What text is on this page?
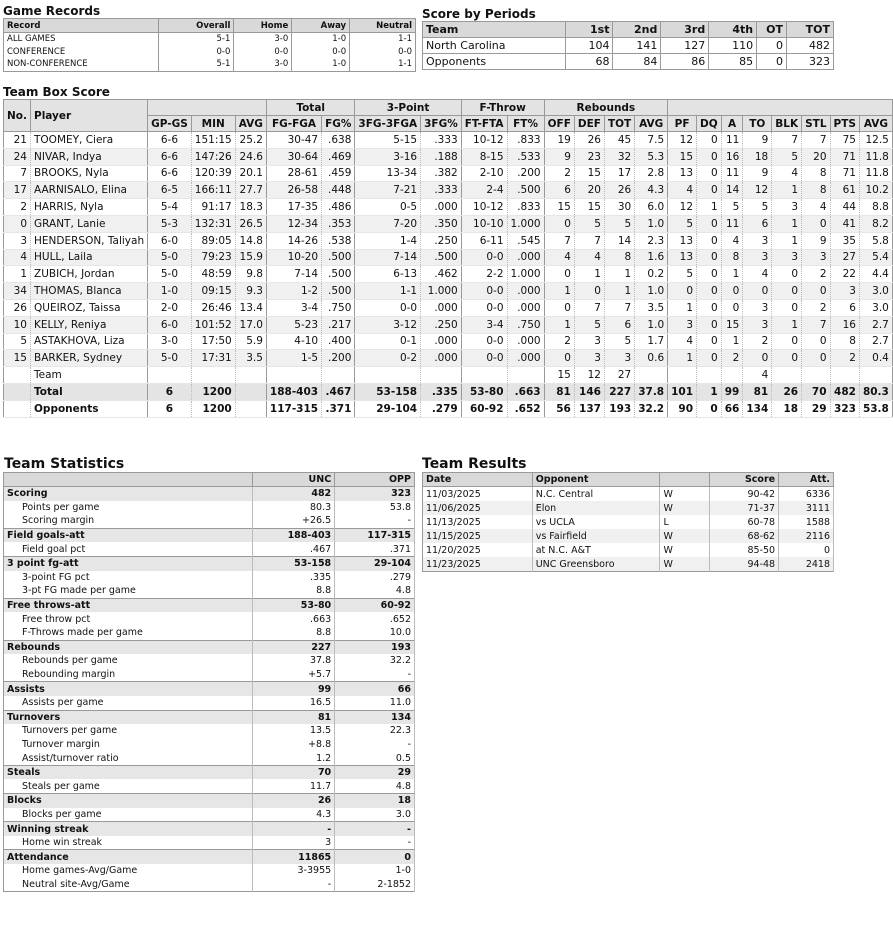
Game Records
Record	Overall	Home	Away	Neutral
ALL GAMES	5-1	3-0	1-0	1-1
CONFERENCE	0-0	0-0	0-0	0-0
NON-CONFERENCE	5-1	3-0	1-0	1-1
Score by Periods
Team	1st	2nd	3rd	4th	OT	TOT
North Carolina	104	141	127	110	0	482
Opponents	68	84	86	85	0	323
Team Box Score
No.	Player				Total		3-Point		F-Throw		Rebounds											
		GP-GS	MIN	AVG	FG-FGA	FG%	3FG-3FGA	3FG%	FT-FTA	FT%	OFF	DEF	TOT	AVG	PF	DQ	A	TO	BLK	STL	PTS	AVG
21	TOOMEY, Ciera	6-6	151:15	25.2	30-47	.638	5-15	.333	10-12	.833	19	26	45	7.5	12	0	11	9	7	7	75	12.5
24	NIVAR, Indya	6-6	147:26	24.6	30-64	.469	3-16	.188	8-15	.533	9	23	32	5.3	15	0	16	18	5	20	71	11.8
7	BROOKS, Nyla	6-6	120:39	20.1	28-61	.459	13-34	.382	2-10	.200	2	15	17	2.8	13	0	11	9	4	8	71	11.8
17	AARNISALO, Elina	6-5	166:11	27.7	26-58	.448	7-21	.333	2-4	.500	6	20	26	4.3	4	0	14	12	1	8	61	10.2
2	HARRIS, Nyla	5-4	91:17	18.3	17-35	.486	0-5	.000	10-12	.833	15	15	30	6.0	12	1	5	5	3	4	44	8.8
0	GRANT, Lanie	5-3	132:31	26.5	12-34	.353	7-20	.350	10-10	1.000	0	5	5	1.0	5	0	11	6	1	0	41	8.2
3	HENDERSON, Taliyah	6-0	89:05	14.8	14-26	.538	1-4	.250	6-11	.545	7	7	14	2.3	13	0	4	3	1	9	35	5.8
4	HULL, Laila	5-0	79:23	15.9	10-20	.500	7-14	.500	0-0	.000	4	4	8	1.6	13	0	8	3	3	3	27	5.4
1	ZUBICH, Jordan	5-0	48:59	9.8	7-14	.500	6-13	.462	2-2	1.000	0	1	1	0.2	5	0	1	4	0	2	22	4.4
34	THOMAS, Blanca	1-0	09:15	9.3	1-2	.500	1-1	1.000	0-0	.000	1	0	1	1.0	0	0	0	0	0	0	3	3.0
26	QUEIROZ, Taissa	2-0	26:46	13.4	3-4	.750	0-0	.000	0-0	.000	0	7	7	3.5	1	0	0	3	0	2	6	3.0
10	KELLY, Reniya	6-0	101:52	17.0	5-23	.217	3-12	.250	3-4	.750	1	5	6	1.0	3	0	15	3	1	7	16	2.7
5	ASTAKHOVA, Liza	3-0	17:50	5.9	4-10	.400	0-1	.000	0-0	.000	2	3	5	1.7	4	0	1	2	0	0	8	2.7
15	BARKER, Sydney	5-0	17:31	3.5	1-5	.200	0-2	.000	0-0	.000	0	3	3	0.6	1	0	2	0	0	0	2	0.4
	Team										15	12	27					4				
	Total	6	1200		188-403	.467	53-158	.335	53-80	.663	81	146	227	37.8	101	1	99	81	26	70	482	80.3
	Opponents	6	1200		117-315	.371	29-104	.279	60-92	.652	56	137	193	32.2	90	0	66	134	18	29	323	53.8
Team Statistics
	UNC	OPP
Scoring	482	323
Points per game	80.3	53.8
Scoring margin	+26.5	-
Field goals-att	188-403	117-315
Field goal pct	.467	.371
3 point fg-att	53-158	29-104
3-point FG pct	.335	.279
3-pt FG made per game	8.8	4.8
Free throws-att	53-80	60-92
Free throw pct	.663	.652
F-Throws made per game	8.8	10.0
Rebounds	227	193
Rebounds per game	37.8	32.2
Rebounding margin	+5.7	-
Assists	99	66
Assists per game	16.5	11.0
Turnovers	81	134
Turnovers per game	13.5	22.3
Turnover margin	+8.8	-
Assist/turnover ratio	1.2	0.5
Steals	70	29
Steals per game	11.7	4.8
Blocks	26	18
Blocks per game	4.3	3.0
Winning streak	-	-
Home win streak	3	-
Attendance	11865	0
Home games-Avg/Game	3-3955	1-0
Neutral site-Avg/Game	-	2-1852
Team Results
Date	Opponent		Score	Att.
11/03/2025	N.C. Central	W	90-42	6336
11/06/2025	Elon	W	71-37	3111
11/13/2025	vs UCLA	L	60-78	1588
11/15/2025	vs Fairfield	W	68-62	2116
11/20/2025	at N.C. A&T	W	85-50	0
11/23/2025	UNC Greensboro	W	94-48	2418
